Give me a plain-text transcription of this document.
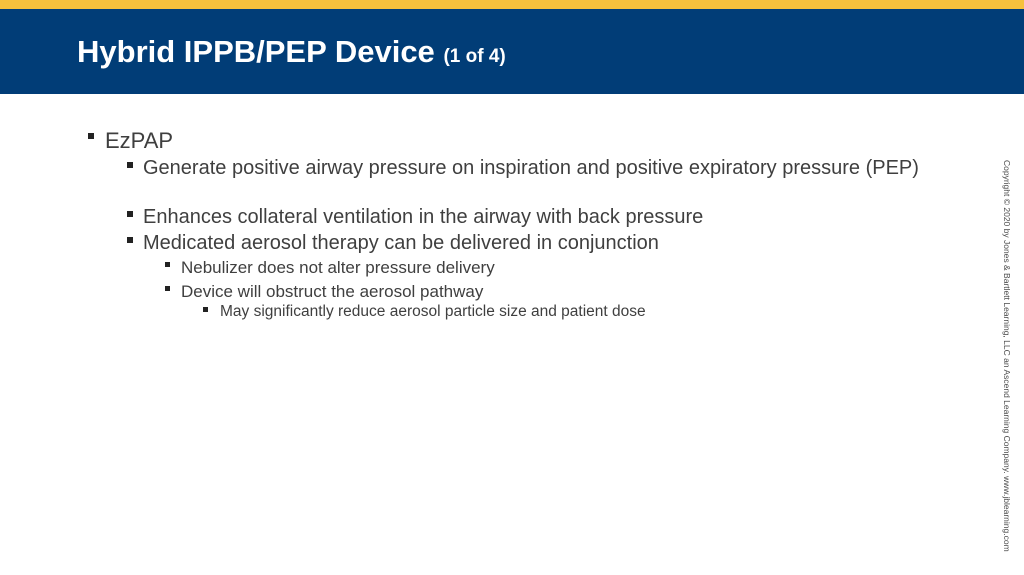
Hybrid IPPB/PEP Device (1 of 4)
EzPAP
Generate positive airway pressure on inspiration and positive expiratory pressure (PEP)
Enhances collateral ventilation in the airway with back pressure
Medicated aerosol therapy can be delivered in conjunction
Nebulizer does not alter pressure delivery
Device will obstruct the aerosol pathway
May significantly reduce aerosol particle size and patient dose	Copyright © 2020 by Jones & Bartlett Learning, LLC an Ascend Learning Company. www.jblearning.com
